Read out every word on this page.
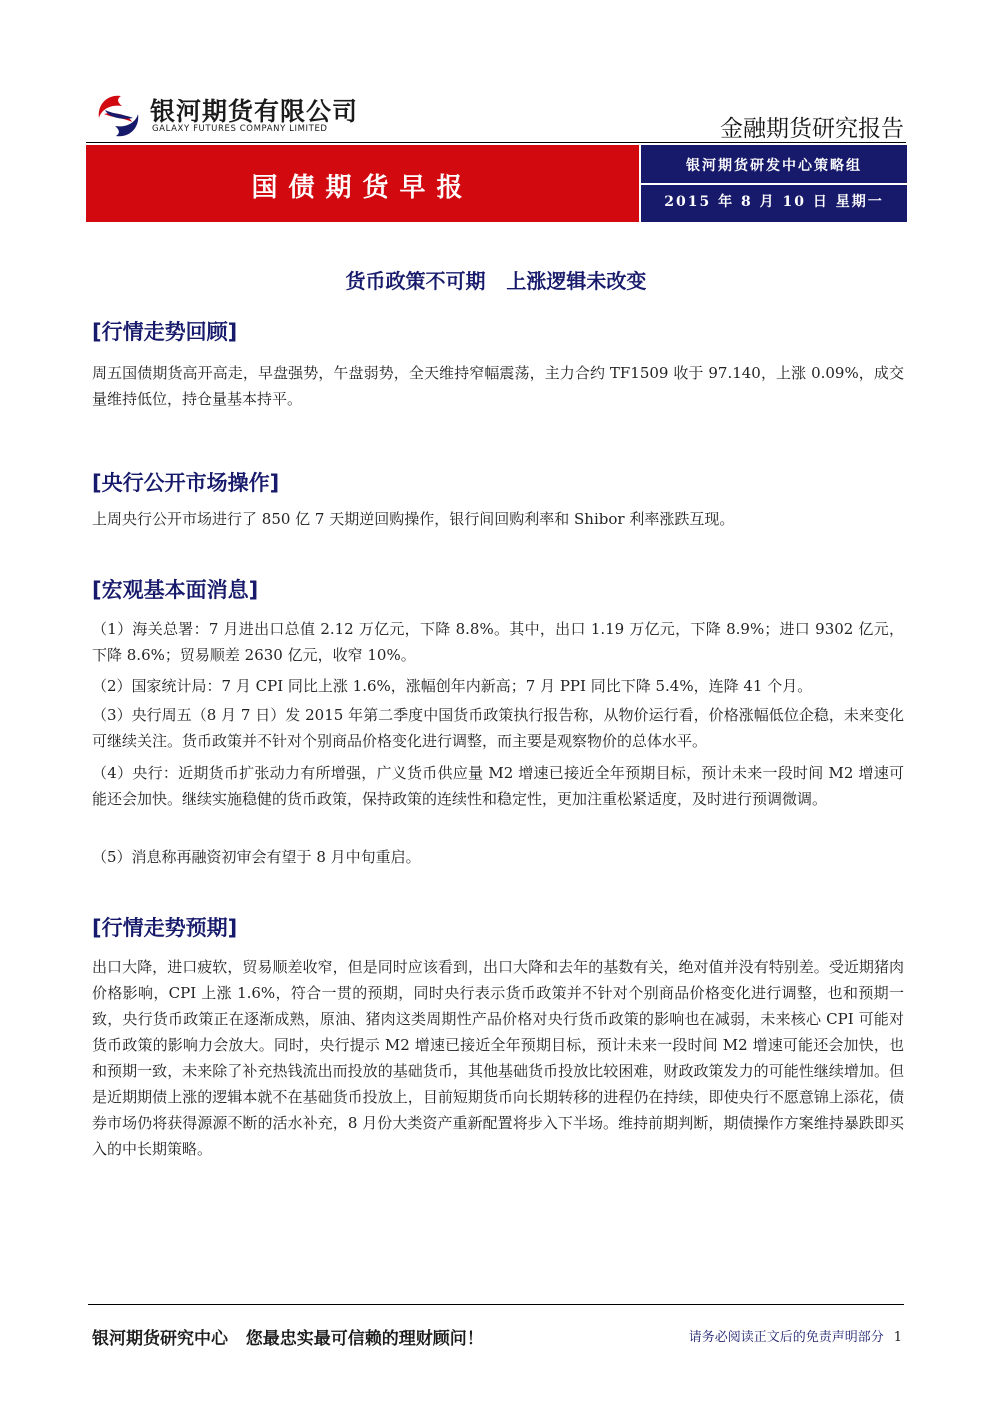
银河期货有限公司
GALAXY FUTURES COMPANY LIMITED	金融期货研究报告
国债期货早报
银河期货研发中心策略组
2015 年 8 月 10 日 星期一
货币政策不可期   上涨逻辑未改变
[行情走势回顾]
周五国债期货高开高走，早盘强势，午盘弱势，全天维持窄幅震荡，主力合约 TF1509 收于 97.140，上涨 0.09%，成交量维持低位，持仓量基本持平。
[央行公开市场操作]
上周央行公开市场进行了 850 亿 7 天期逆回购操作，银行间回购利率和 Shibor 利率涨跌互现。
[宏观基本面消息]
（1）海关总署：7 月进出口总值 2.12 万亿元，下降 8.8%。其中，出口 1.19 万亿元，下降 8.9%；进口 9302 亿元，下降 8.6%；贸易顺差 2630 亿元，收窄 10%。
（2）国家统计局：7 月 CPI 同比上涨 1.6%，涨幅创年内新高；7 月 PPI 同比下降 5.4%，连降 41 个月。
（3）央行周五（8 月 7 日）发 2015 年第二季度中国货币政策执行报告称，从物价运行看，价格涨幅低位企稳，未来变化可继续关注。货币政策并不针对个别商品价格变化进行调整，而主要是观察物价的总体水平。
（4）央行：近期货币扩张动力有所增强，广义货币供应量 M2 增速已接近全年预期目标，预计未来一段时间 M2 增速可能还会加快。继续实施稳健的货币政策，保持政策的连续性和稳定性，更加注重松紧适度，及时进行预调微调。
（5）消息称再融资初审会有望于 8 月中旬重启。
[行情走势预期]
出口大降，进口疲软，贸易顺差收窄，但是同时应该看到，出口大降和去年的基数有关，绝对值并没有特别差。受近期猪肉价格影响，CPI 上涨 1.6%，符合一贯的预期，同时央行表示货币政策并不针对个别商品价格变化进行调整，也和预期一致，央行货币政策正在逐渐成熟，原油、猪肉这类周期性产品价格对央行货币政策的影响也在减弱，未来核心 CPI 可能对货币政策的影响力会放大。同时，央行提示 M2 增速已接近全年预期目标，预计未来一段时间 M2 增速可能还会加快，也和预期一致，未来除了补充热钱流出而投放的基础货币，其他基础货币投放比较困难，财政政策发力的可能性继续增加。但是近期期债上涨的逻辑本就不在基础货币投放上，目前短期货币向长期转移的进程仍在持续，即使央行不愿意锦上添花，债券市场仍将获得源源不断的活水补充，8 月份大类资产重新配置将步入下半场。维持前期判断，期债操作方案维持暴跌即买入的中长期策略。
银河期货研究中心   您最忠实最可信赖的理财顾问！	请务必阅读正文后的免责声明部分 1
